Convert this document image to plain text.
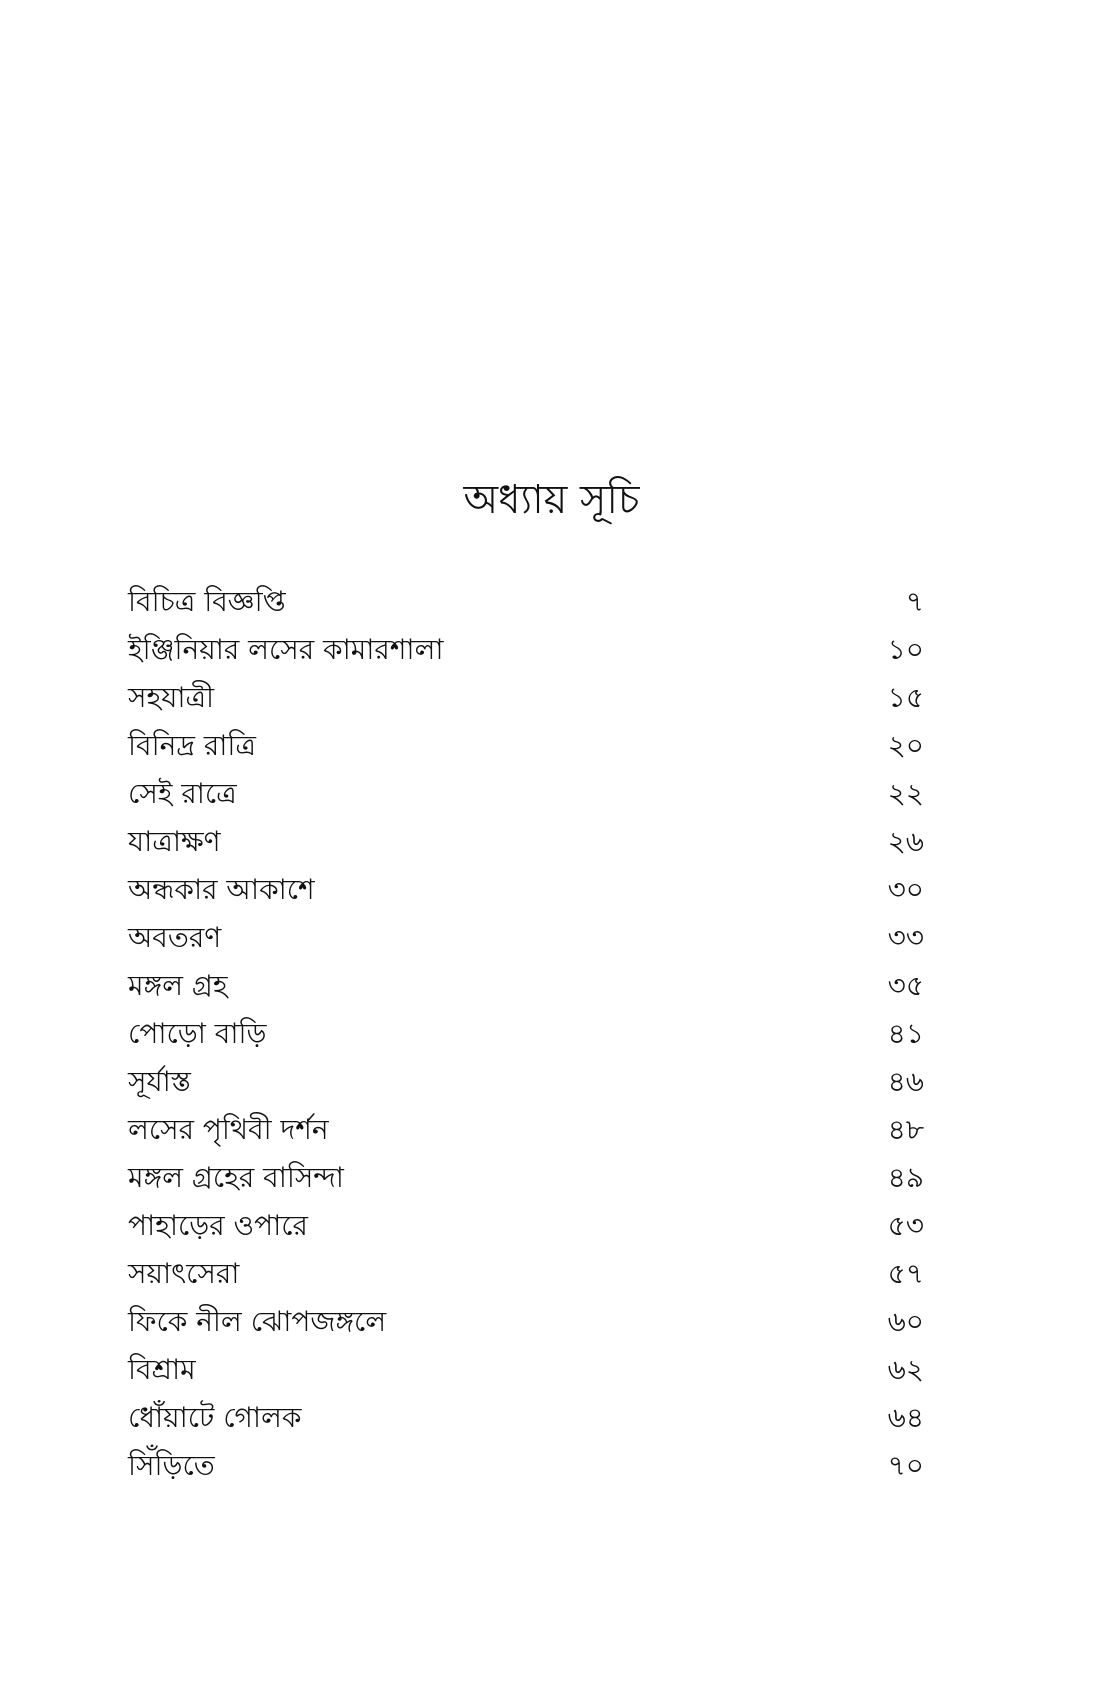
অধ্যায় সূচি
বিচিত্র বিজ্ঞপ্তি	৭
ইঞ্জিনিয়ার লসের কামারশালা	১০
সহযাত্রী	১৫
বিনিদ্র রাত্রি	২০
সেই রাত্রে	২২
যাত্রাক্ষণ	২৬
অন্ধকার আকাশে	৩০
অবতরণ	৩৩
মঙ্গল গ্রহ	৩৫
পোড়ো বাড়ি	৪১
সূর্যাস্ত	৪৬
লসের পৃথিবী দর্শন	৪৮
মঙ্গল গ্রহের বাসিন্দা	৪৯
পাহাড়ের ওপারে	৫৩
সয়াৎসেরা	৫৭
ফিকে নীল ঝোপজঙ্গলে	৬০
বিশ্রাম	৬২
ধোঁয়াটে গোলক	৬৪
সিঁড়িতে	৭০
